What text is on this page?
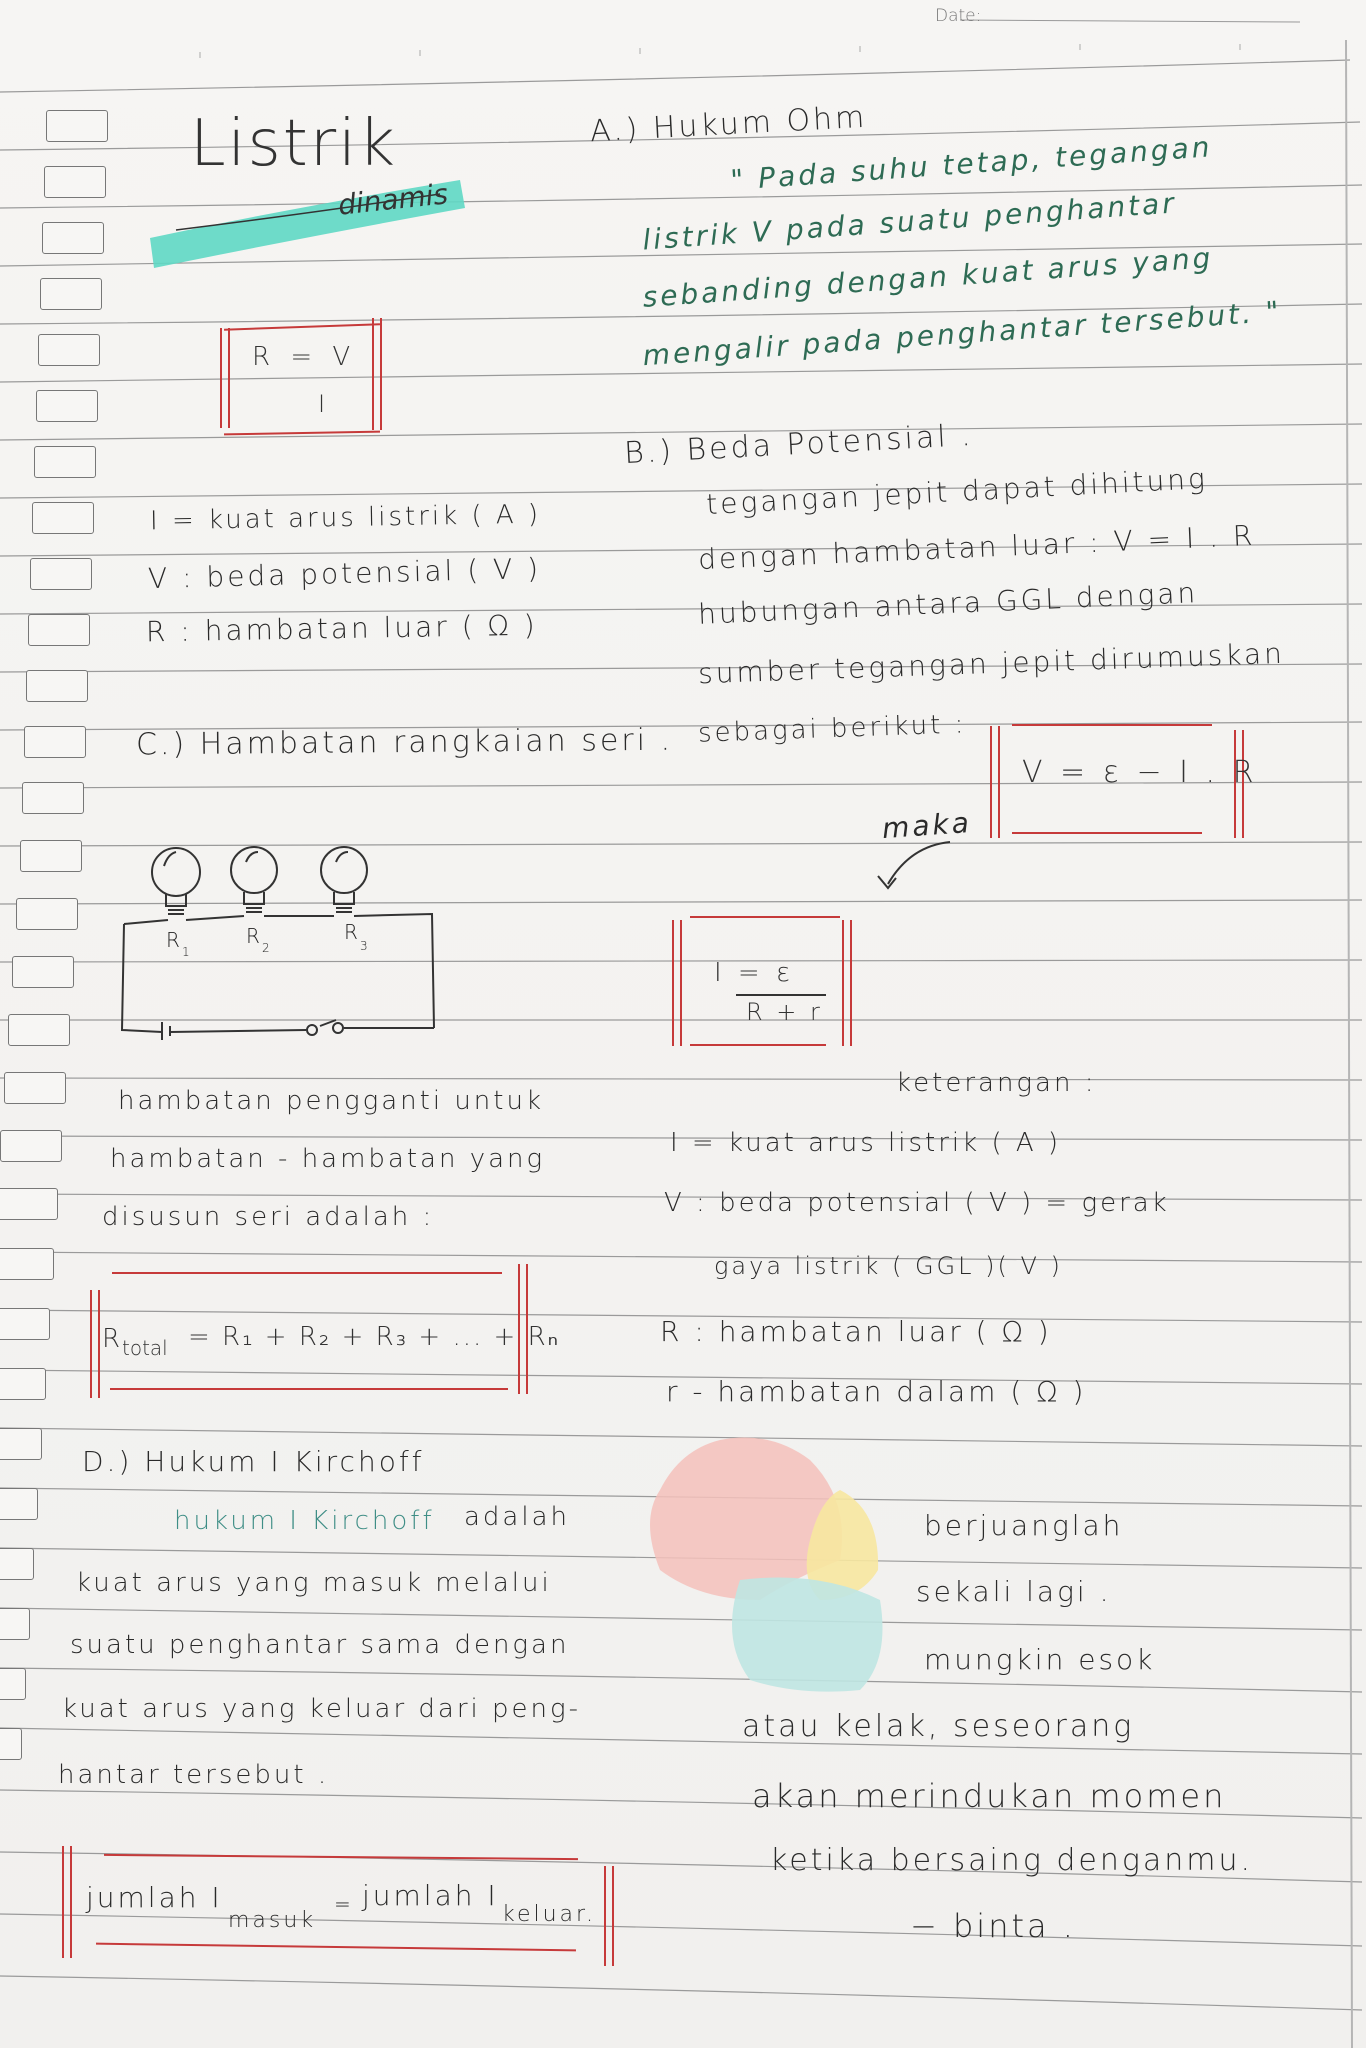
Date:
Listrik
dinamis
R = V
I
I = kuat arus listrik ( A )
V : beda potensial ( V )
R : hambatan luar ( Ω )
A.) Hukum Ohm
" Pada suhu tetap, tegangan
listrik V pada suatu penghantar
sebanding dengan kuat arus yang
mengalir pada penghantar tersebut. "
B.) Beda Potensial .
tegangan jepit dapat dihitung
dengan hambatan luar : V = I . R
hubungan antara GGL dengan
sumber tegangan jepit dirumuskan
sebagai berikut :
V = ε − I . R
maka
I = ε
R + r
C.) Hambatan rangkaian seri .
R 1
R 2
R
3
hambatan pengganti untuk
hambatan - hambatan yang
disusun seri adalah :
R total = R₁ + R₂ + R₃ + ... + Rₙ
keterangan :
I = kuat arus listrik ( A )
V : beda potensial ( V ) = gerak
gaya listrik ( GGL )( V )
R : hambatan luar ( Ω )
r - hambatan dalam ( Ω )
D.) Hukum I Kirchoff
hukum I Kirchoff adalah
kuat arus yang masuk melalui
suatu penghantar sama dengan
kuat arus yang keluar dari peng-
hantar tersebut .
jumlah I
masuk
= jumlah I
keluar.
berjuanglah
sekali lagi .
mungkin esok
atau kelak, seseorang
akan merindukan momen
ketika bersaing denganmu.
− binta .
